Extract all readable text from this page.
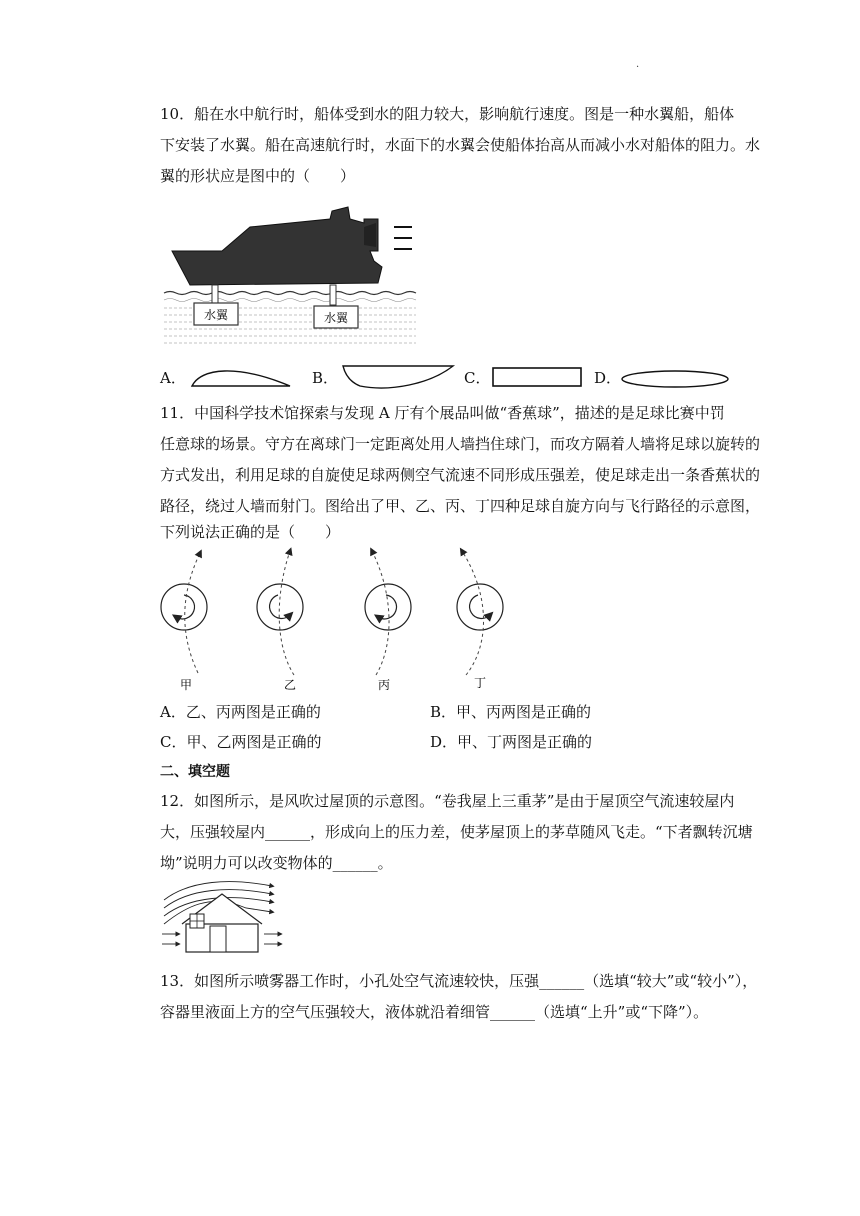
·
10．船在水中航行时，船体受到水的阻力较大，影响航行速度。图是一种水翼船，船体
下安装了水翼。船在高速航行时，水面下的水翼会使船体抬高从而减小水对船体的阻力。水
翼的形状应是图中的（　　）
水翼	水翼
A．	B．	C．	D．
11．中国科学技术馆探索与发现 A 厅有个展品叫做“香蕉球”，描述的是足球比赛中罚
任意球的场景。守方在离球门一定距离处用人墙挡住球门，而攻方隔着人墙将足球以旋转的
方式发出，利用足球的自旋使足球两侧空气流速不同形成压强差，使足球走出一条香蕉状的
路径，绕过人墙而射门。图给出了甲、乙、丙、丁四种足球自旋方向与飞行路径的示意图，
下列说法正确的是（　　）
甲	乙	丙	丁
A．乙、丙两图是正确的	B．甲、丙两图是正确的
C．甲、乙两图是正确的	D．甲、丁两图是正确的
二、填空题
12．如图所示，是风吹过屋顶的示意图。“卷我屋上三重茅”是由于屋顶空气流速较屋内
大，压强较屋内______，形成向上的压力差，使茅屋顶上的茅草随风飞走。“下者飘转沉塘
坳”说明力可以改变物体的______。
13．如图所示喷雾器工作时，小孔处空气流速较快，压强______（选填“较大”或“较小”），
容器里液面上方的空气压强较大，液体就沿着细管______（选填“上升”或“下降”）。
